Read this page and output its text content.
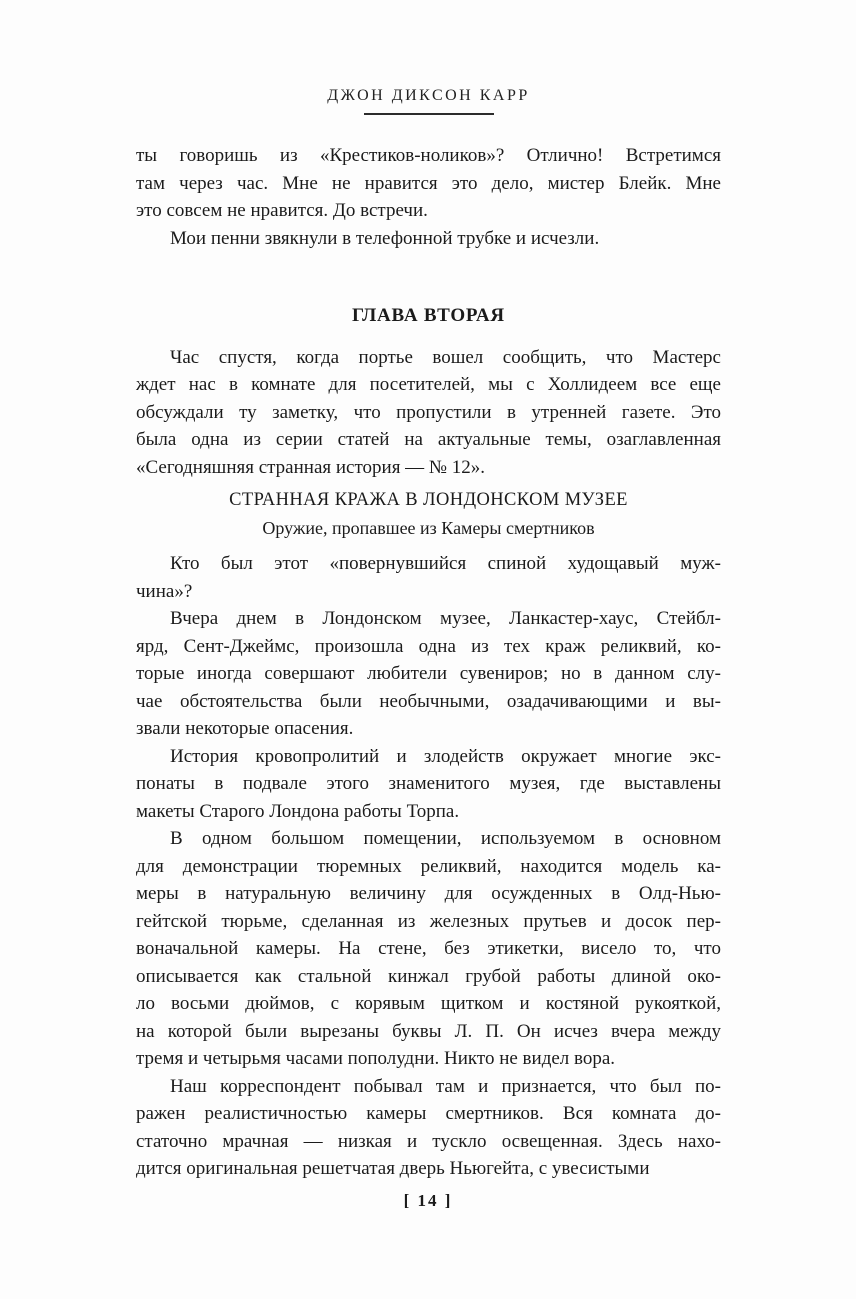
ДЖОН ДИКСОН КАРР
ты говоришь из «Крестиков-ноликов»? Отлично! Встретимся
там через час. Мне не нравится это дело, мистер Блейк. Мне
это совсем не нравится. До встречи.
Мои пенни звякнули в телефонной трубке и исчезли.
ГЛАВА ВТОРАЯ
Час спустя, когда портье вошел сообщить, что Мастерс
ждет нас в комнате для посетителей, мы с Холлидеем все еще
обсуждали ту заметку, что пропустили в утренней газете. Это
была одна из серии статей на актуальные темы, озаглавленная
«Сегодняшняя странная история — № 12».
СТРАННАЯ КРАЖА В ЛОНДОНСКОМ МУЗЕЕ
Оружие, пропавшее из Камеры смертников
Кто был этот «повернувшийся спиной худощавый муж-
чина»?
Вчера днем в Лондонском музее, Ланкастер-хаус, Стейбл-
ярд, Сент-Джеймс, произошла одна из тех краж реликвий, ко-
торые иногда совершают любители сувениров; но в данном слу-
чае обстоятельства были необычными, озадачивающими и вы-
звали некоторые опасения.
История кровопролитий и злодейств окружает многие экс-
понаты в подвале этого знаменитого музея, где выставлены
макеты Старого Лондона работы Торпа.
В одном большом помещении, используемом в основном
для демонстрации тюремных реликвий, находится модель ка-
меры в натуральную величину для осужденных в Олд-Нью-
гейтской тюрьме, сделанная из железных прутьев и досок пер-
воначальной камеры. На стене, без этикетки, висело то, что
описывается как стальной кинжал грубой работы длиной око-
ло восьми дюймов, с корявым щитком и костяной рукояткой,
на которой были вырезаны буквы Л. П. Он исчез вчера между
тремя и четырьмя часами пополудни. Никто не видел вора.
Наш корреспондент побывал там и признается, что был по-
ражен реалистичностью камеры смертников. Вся комната до-
статочно мрачная — низкая и тускло освещенная. Здесь нахо-
дится оригинальная решетчатая дверь Ньюгейта, с увесистыми
[ 14 ]
